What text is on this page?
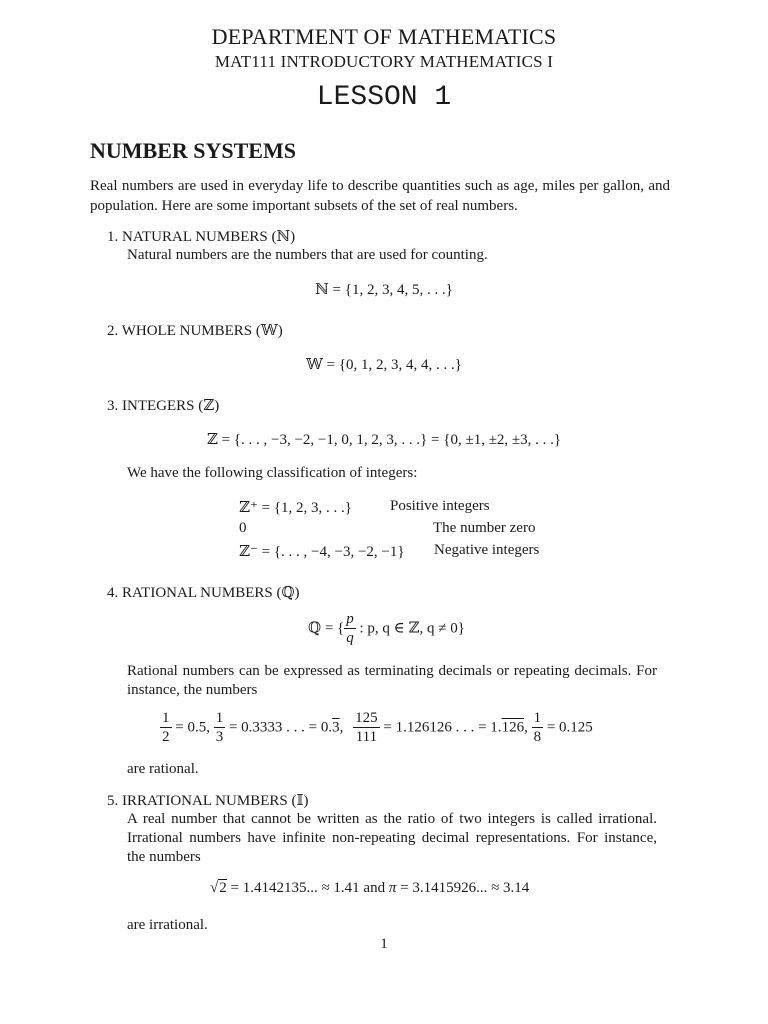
DEPARTMENT OF MATHEMATICS
MAT111 INTRODUCTORY MATHEMATICS I
LESSON 1
NUMBER SYSTEMS
Real numbers are used in everyday life to describe quantities such as age, miles per gallon, and population. Here are some important subsets of the set of real numbers.
1. NATURAL NUMBERS (ℕ)
Natural numbers are the numbers that are used for counting.
ℕ = {1, 2, 3, 4, 5, . . .}
2. WHOLE NUMBERS (𝕎)
𝕎 = {0, 1, 2, 3, 4, 4, . . .}
3. INTEGERS (ℤ)
ℤ = {. . . , −3, −2, −1, 0, 1, 2, 3, . . .} = {0, ±1, ±2, ±3, . . .}
We have the following classification of integers:
ℤ⁺ = {1, 2, 3, . . .}	Positive integers
0	The number zero
ℤ⁻ = {. . . , −4, −3, −2, −1} Negative integers
4. RATIONAL NUMBERS (ℚ)
ℚ = { $\frac{p}{q}$ : p, q ∈ ℤ, q ≠ 0}
Rational numbers can be expressed as terminating decimals or repeating decimals. For instance, the numbers
$\frac{1}{2} = 0.5$, $\frac{1}{3} = 0.3333$ . . . = 0.3, $\frac{125}{111} = 1.126126$ . . . = 1.126, $\frac{1}{8} = 0.125$
are rational.
5. IRRATIONAL NUMBERS (𝕀)
A real number that cannot be written as the ratio of two integers is called irrational. Irrational numbers have infinite non-repeating decimal representations. For instance, the numbers
√2 = 1.4142135... ≈ 1.41 and π = 3.1415926... ≈ 3.14
are irrational.
1
